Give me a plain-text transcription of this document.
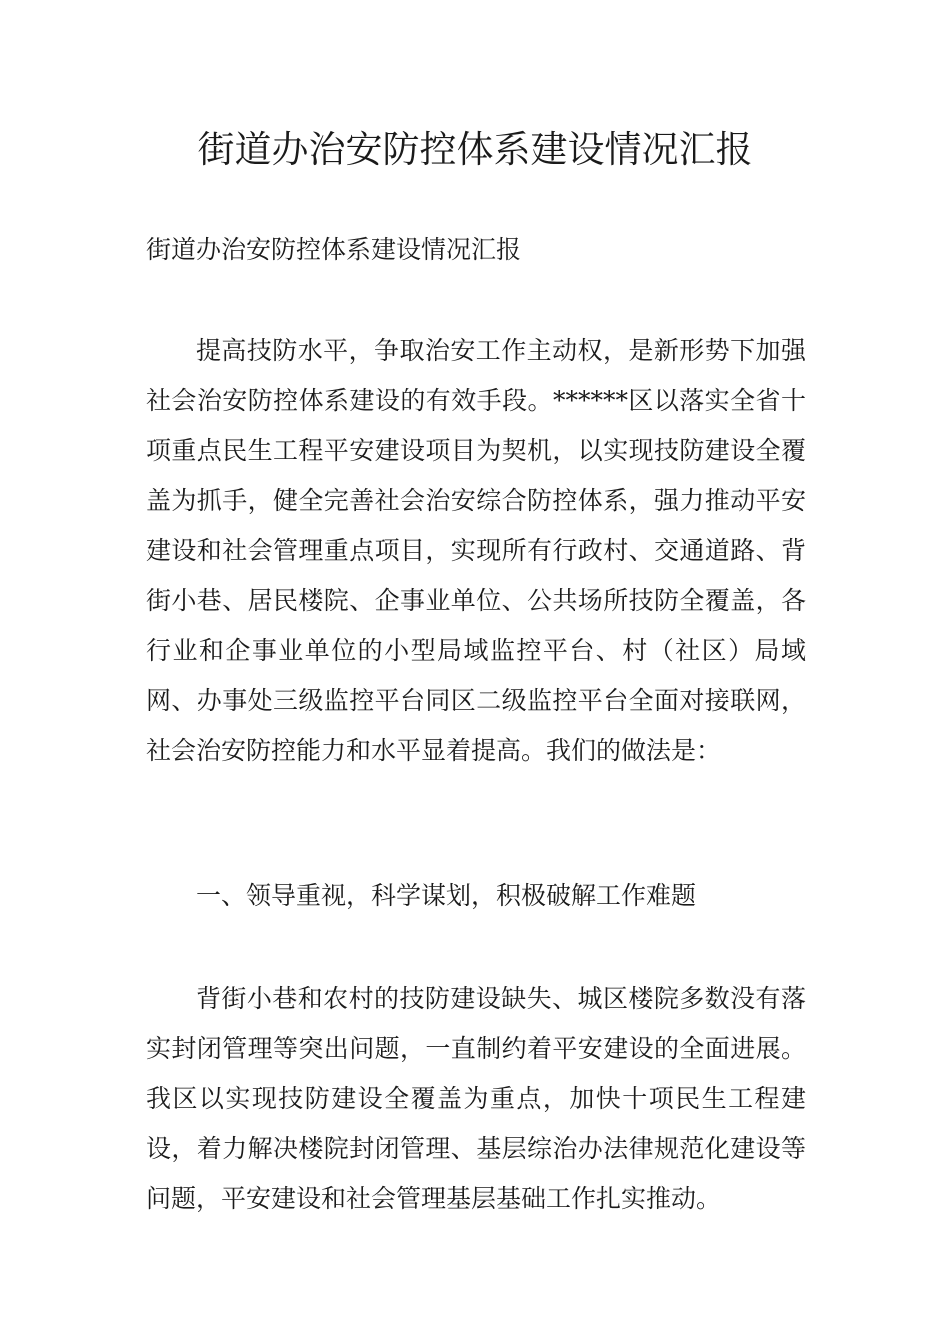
街道办治安防控体系建设情况汇报

街道办治安防控体系建设情况汇报

提高技防水平，争取治安工作主动权，是新形势下加强社会治安防控体系建设的有效手段。******区以落实全省十项重点民生工程平安建设项目为契机，以实现技防建设全覆盖为抓手，健全完善社会治安综合防控体系，强力推动平安建设和社会管理重点项目，实现所有行政村、交通道路、背街小巷、居民楼院、企事业单位、公共场所技防全覆盖，各行业和企事业单位的小型局域监控平台、村（社区）局域网、办事处三级监控平台同区二级监控平台全面对接联网，社会治安防控能力和水平显着提高。我们的做法是：

一、领导重视，科学谋划，积极破解工作难题

背街小巷和农村的技防建设缺失、城区楼院多数没有落实封闭管理等突出问题，一直制约着平安建设的全面进展。我区以实现技防建设全覆盖为重点，加快十项民生工程建设，着力解决楼院封闭管理、基层综治办法律规范化建设等问题，平安建设和社会管理基层基础工作扎实推动。
